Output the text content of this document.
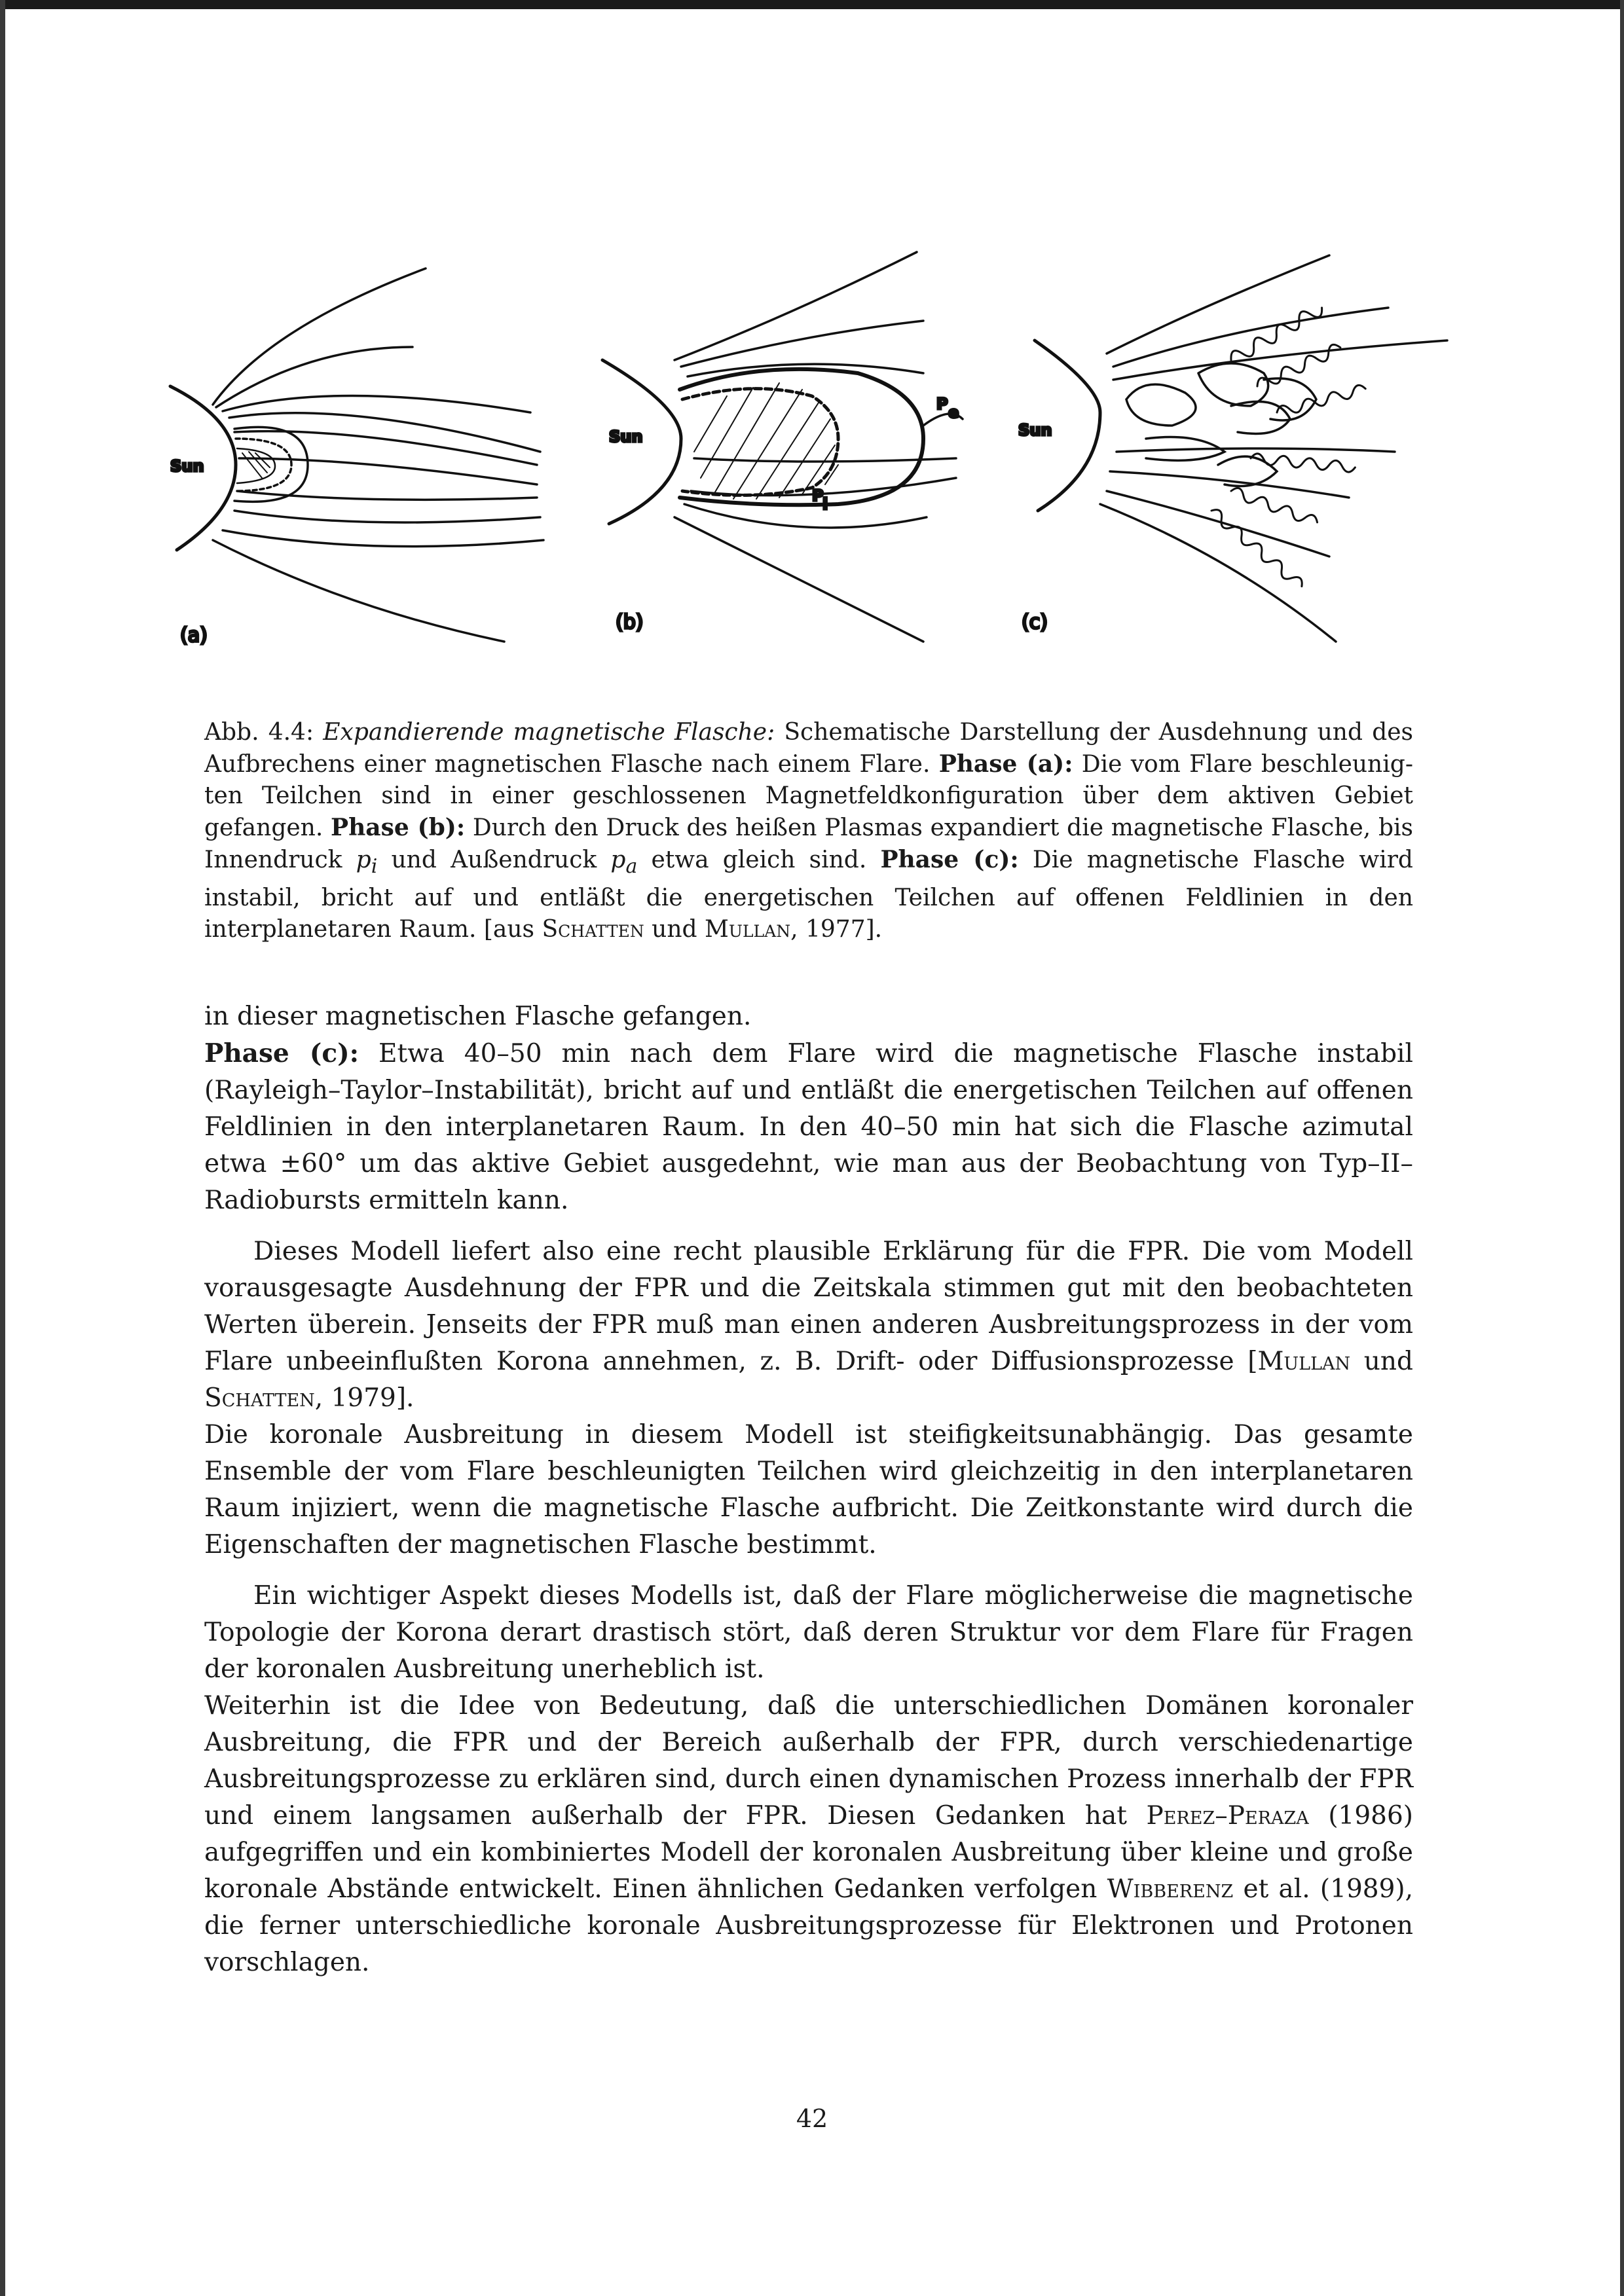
Sun
(a)
P e
P
i
Sun
(b)
Sun
(c)
Abb. 4.4: Expandierende magnetische Flasche: Schematische Darstellung der Ausdehnung und des Aufbrechens einer magnetischen Flasche nach einem Flare. Phase (a): Die vom Flare beschleunigten Teilchen sind in einer geschlossenen Magnetfeldkonfiguration über dem aktiven Gebiet gefangen. Phase (b): Durch den Druck des heißen Plasmas expandiert die magnetische Flasche, bis Innendruck $p_i$ und Außendruck $p_a$ etwa gleich sind. Phase (c): Die magnetische Flasche wird instabil, bricht auf und entläßt die energetischen Teilchen auf offenen Feldlinien in den interplanetaren Raum. [aus Schatten und Mullan, 1977].

in dieser magnetischen Flasche gefangen.

Phase (c): Etwa 40–50 min nach dem Flare wird die magnetische Flasche instabil (Rayleigh–Taylor–Instabilität), bricht auf und entläßt die energetischen Teilchen auf offenen Feldlinien in den interplanetaren Raum. In den 40–50 min hat sich die Flasche azimutal etwa ±60° um das aktive Gebiet ausgedehnt, wie man aus der Beobachtung von Typ–II–Radiobursts ermitteln kann.

Dieses Modell liefert also eine recht plausible Erklärung für die FPR. Die vom Modell vorausgesagte Ausdehnung der FPR und die Zeitskala stimmen gut mit den beobachteten Werten überein. Jenseits der FPR muß man einen anderen Ausbreitungsprozess in der vom Flare unbeeinflußten Korona annehmen, z. B. Drift- oder Diffusionsprozesse [Mullan und Schatten, 1979].

Die koronale Ausbreitung in diesem Modell ist steifigkeitsunabhängig. Das gesamte Ensemble der vom Flare beschleunigten Teilchen wird gleichzeitig in den interplanetaren Raum injiziert, wenn die magnetische Flasche aufbricht. Die Zeitkonstante wird durch die Eigenschaften der magnetischen Flasche bestimmt.

Ein wichtiger Aspekt dieses Modells ist, daß der Flare möglicherweise die magnetische Topologie der Korona derart drastisch stört, daß deren Struktur vor dem Flare für Fragen der koronalen Ausbreitung unerheblich ist.

Weiterhin ist die Idee von Bedeutung, daß die unterschiedlichen Domänen koronaler Ausbreitung, die FPR und der Bereich außerhalb der FPR, durch verschiedenartige Ausbreitungsprozesse zu erklären sind, durch einen dynamischen Prozess innerhalb der FPR und einem langsamen außerhalb der FPR. Diesen Gedanken hat Perez–Peraza (1986) aufgegriffen und ein kombiniertes Modell der koronalen Ausbreitung über kleine und große koronale Abstände entwickelt. Einen ähnlichen Gedanken verfolgen Wibberenz et al. (1989), die ferner unterschiedliche koronale Ausbreitungsprozesse für Elektronen und Protonen vorschlagen.

42
